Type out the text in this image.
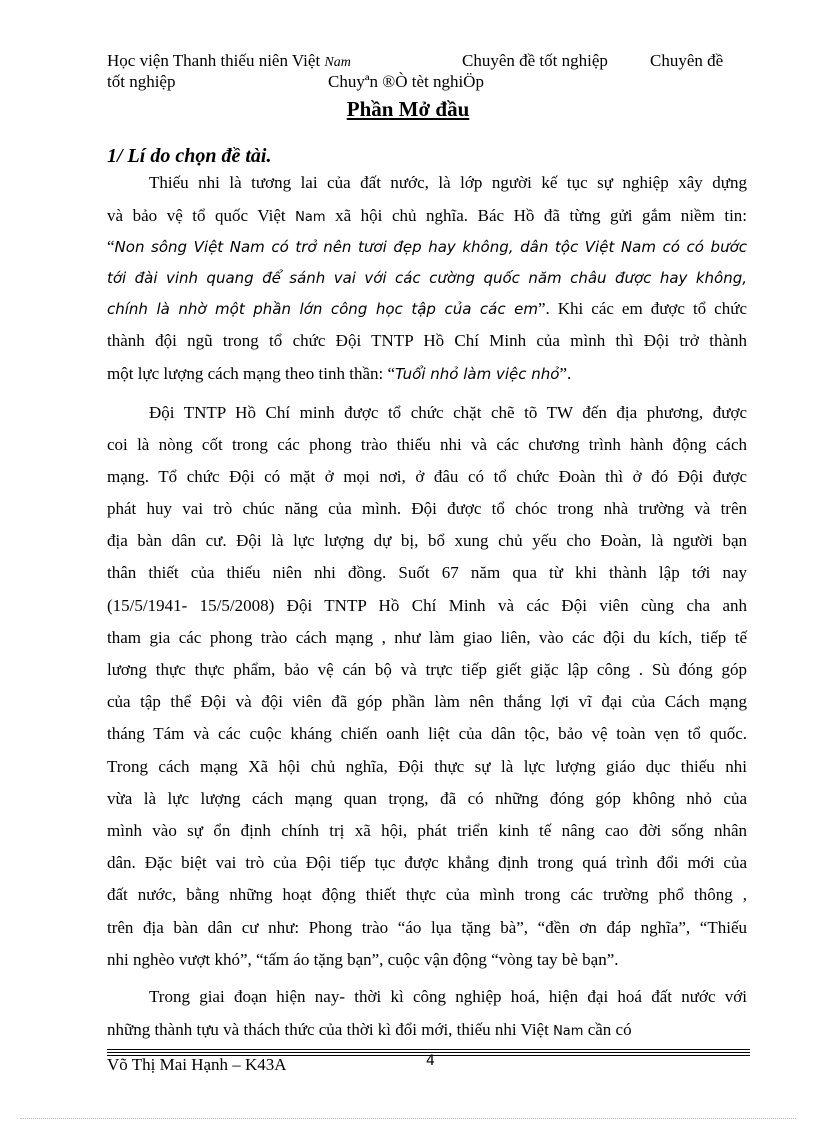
Học viện Thanh thiếu niên Việt Nam	Chuyên đề tốt nghiệp Chuyên đề
tốt nghiệp	Chuyªn ®Ò tèt nghiÖp
Phần Mở đầu
1/ Lí do chọn đề tài.
Thiếu nhi là tương lai của đất nước, là lớp người kế tục sự nghiệp xây dựng
và bảo vệ tổ quốc Việt Nam xã hội chủ nghĩa. Bác Hồ đã từng gửi gắm niềm tin:
“Non sông Việt Nam có trở nên tươi đẹp hay không, dân tộc Việt Nam có có bước
tới đài vinh quang để sánh vai với các cường quốc năm châu được hay không,
chính là nhờ một phần lớn công học tập của các em”. Khi các em được tổ chức
thành đội ngũ trong tổ chức Đội TNTP Hồ Chí Minh của mình thì Đội trở thành
một lực lượng cách mạng theo tinh thần: “Tuổi nhỏ làm việc nhỏ”.
Đội TNTP Hồ Chí minh được tổ chức chặt chẽ tõ TW đến địa phương, được
coi là nòng cốt trong các phong trào thiếu nhi và các chương trình hành động cách
mạng. Tổ chức Đội có mặt ở mọi nơi, ở đâu có tổ chức Đoàn thì ở đó Đội được
phát huy vai trò chúc năng của mình. Đội được tổ chóc trong nhà trường và trên
địa bàn dân cư. Đội là lực lượng dự bị, bổ xung chủ yếu cho Đoàn, là người bạn
thân thiết của thiếu niên nhi đồng. Suốt 67 năm qua từ khi thành lập tới nay
(15/5/1941- 15/5/2008) Đội TNTP Hồ Chí Minh và các Đội viên cùng cha anh
tham gia các phong trào cách mạng , như làm giao liên, vào các đội du kích, tiếp tế
lương thực thực phẩm, bảo vệ cán bộ và trực tiếp giết giặc lập công . Sù đóng góp
của tập thể Đội và đội viên đã góp phần làm nên thắng lợi vĩ đại của Cách mạng
tháng Tám và các cuộc kháng chiến oanh liệt của dân tộc, bảo vệ toàn vẹn tổ quốc.
Trong cách mạng Xã hội chủ nghĩa, Đội thực sự là lực lượng giáo dục thiếu nhi
vừa là lực lượng cách mạng quan trọng, đã có những đóng góp không nhỏ của
mình vào sự ổn định chính trị xã hội, phát triển kinh tế nâng cao đời sống nhân
dân. Đặc biệt vai trò của Đội tiếp tục được khẳng định trong quá trình đổi mới của
đất nước, bằng những hoạt động thiết thực của mình trong các trường phổ thông ,
trên địa bàn dân cư như: Phong trào “áo lụa tặng bà”, “đền ơn đáp nghĩa”, “Thiếu
nhi nghèo vượt khó”, “tấm áo tặng bạn”, cuộc vận động “vòng tay bè bạn”.
Trong giai đoạn hiện nay- thời kì công nghiệp hoá, hiện đại hoá đất nước với
những thành tựu và thách thức của thời kì đổi mới, thiếu nhi Việt Nam cần có
Võ Thị Mai Hạnh – K43A	4
